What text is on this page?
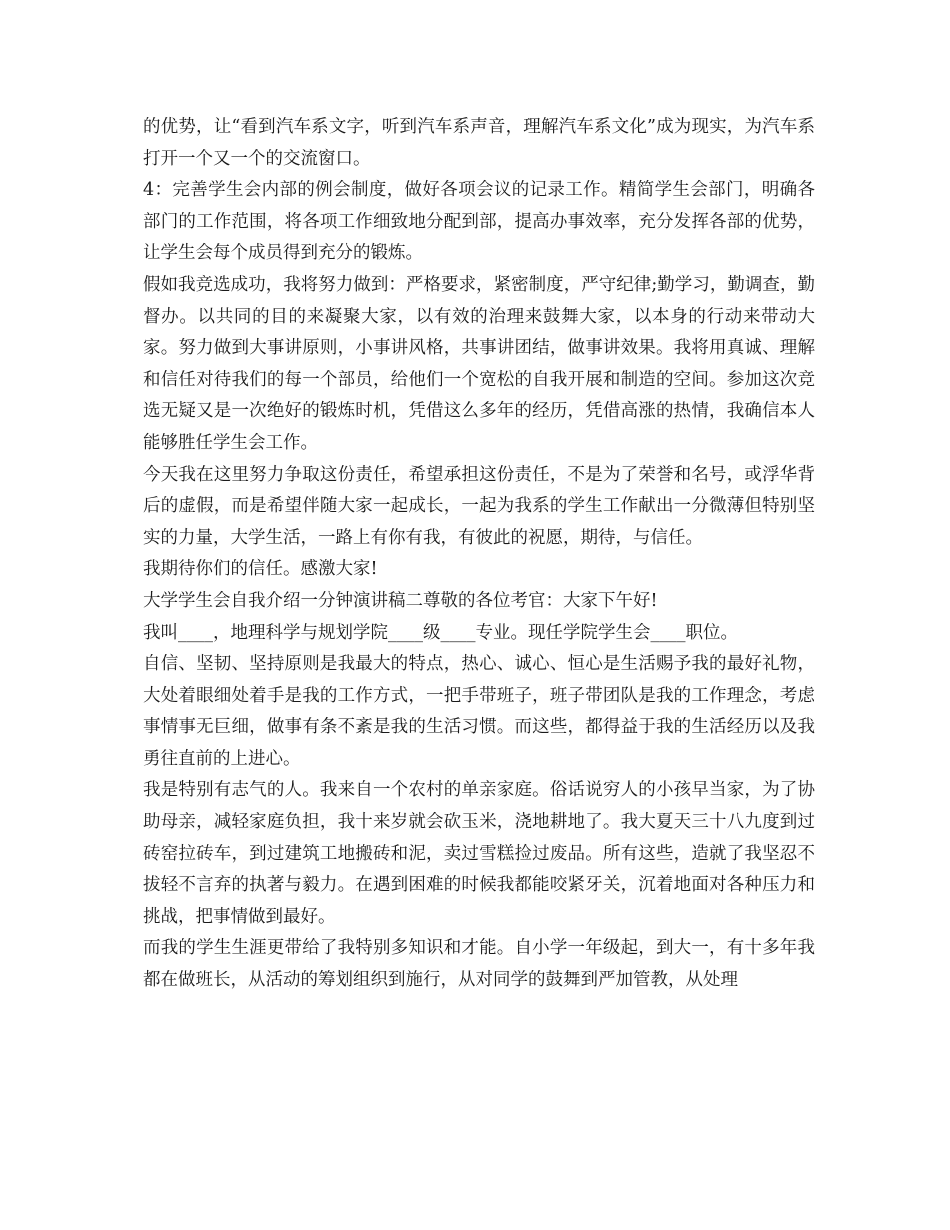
的优势，让“看到汽车系文字，听到汽车系声音，理解汽车系文化”成为现实，为汽车系打开一个又一个的交流窗口。

4：完善学生会内部的例会制度，做好各项会议的记录工作。精简学生会部门，明确各部门的工作范围，将各项工作细致地分配到部，提高办事效率，充分发挥各部的优势，让学生会每个成员得到充分的锻炼。

假如我竞选成功，我将努力做到：严格要求，紧密制度，严守纪律;勤学习，勤调查，勤督办。以共同的目的来凝聚大家，以有效的治理来鼓舞大家，以本身的行动来带动大家。努力做到大事讲原则，小事讲风格，共事讲团结，做事讲效果。我将用真诚、理解和信任对待我们的每一个部员，给他们一个宽松的自我开展和制造的空间。参加这次竞选无疑又是一次绝好的锻炼时机，凭借这么多年的经历，凭借高涨的热情，我确信本人能够胜任学生会工作。

今天我在这里努力争取这份责任，希望承担这份责任，不是为了荣誉和名号，或浮华背后的虚假，而是希望伴随大家一起成长，一起为我系的学生工作献出一分微薄但特别坚实的力量，大学生活，一路上有你有我，有彼此的祝愿，期待，与信任。

我期待你们的信任。感激大家!

大学学生会自我介绍一分钟演讲稿二尊敬的各位考官：大家下午好!

我叫____，地理科学与规划学院____级____专业。现任学院学生会____职位。

自信、坚韧、坚持原则是我最大的特点，热心、诚心、恒心是生活赐予我的最好礼物，大处着眼细处着手是我的工作方式，一把手带班子，班子带团队是我的工作理念，考虑事情事无巨细，做事有条不紊是我的生活习惯。而这些，都得益于我的生活经历以及我勇往直前的上进心。

我是特别有志气的人。我来自一个农村的单亲家庭。俗话说穷人的小孩早当家，为了协助母亲，减轻家庭负担，我十来岁就会砍玉米，浇地耕地了。我大夏天三十八九度到过砖窑拉砖车，到过建筑工地搬砖和泥，卖过雪糕捡过废品。所有这些，造就了我坚忍不拔轻不言弃的执著与毅力。在遇到困难的时候我都能咬紧牙关，沉着地面对各种压力和挑战，把事情做到最好。

而我的学生生涯更带给了我特别多知识和才能。自小学一年级起，到大一，有十多年我都在做班长，从活动的筹划组织到施行，从对同学的鼓舞到严加管教，从处理
